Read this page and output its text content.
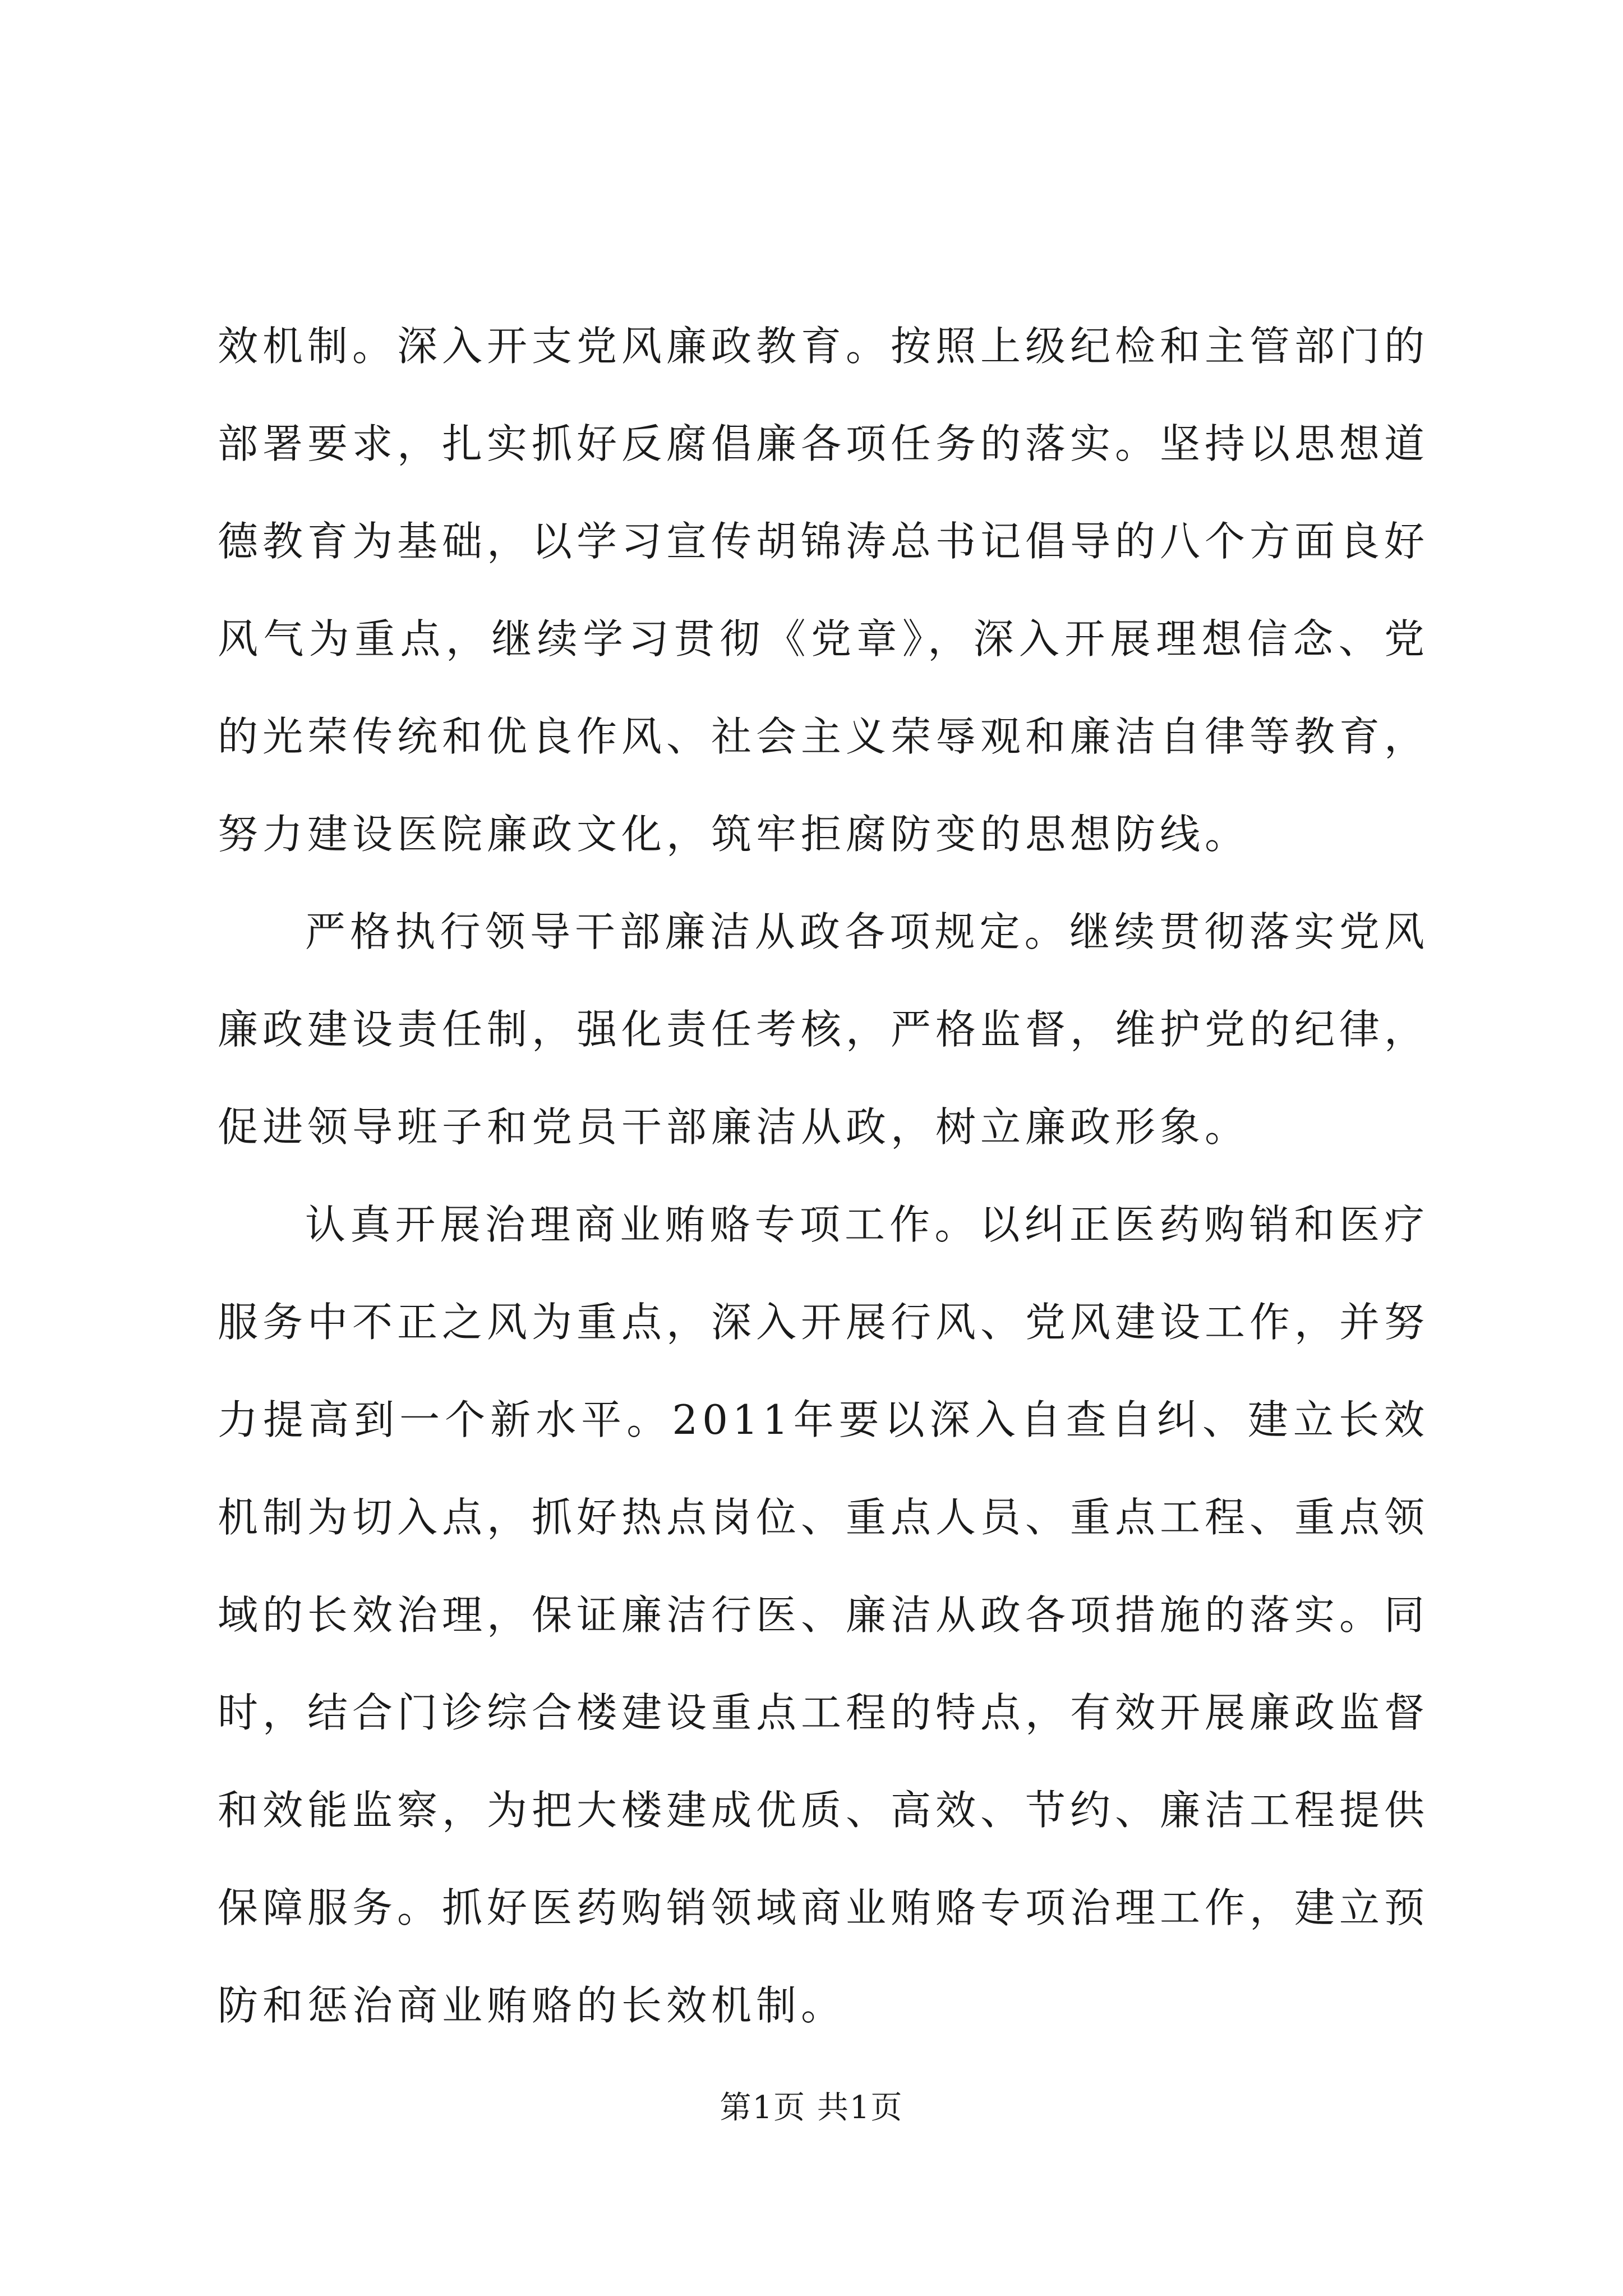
效机制。深入开支党风廉政教育。按照上级纪检和主管部门的部署要求，扎实抓好反腐倡廉各项任务的落实。坚持以思想道德教育为基础，以学习宣传胡锦涛总书记倡导的八个方面良好风气为重点，继续学习贯彻《党章》，深入开展理想信念、党的光荣传统和优良作风、社会主义荣辱观和廉洁自律等教育，努力建设医院廉政文化，筑牢拒腐防变的思想防线。

严格执行领导干部廉洁从政各项规定。继续贯彻落实党风廉政建设责任制，强化责任考核，严格监督，维护党的纪律，促进领导班子和党员干部廉洁从政，树立廉政形象。

认真开展治理商业贿赂专项工作。以纠正医药购销和医疗服务中不正之风为重点，深入开展行风、党风建设工作，并努力提高到一个新水平。2011年要以深入自查自纠、建立长效机制为切入点，抓好热点岗位、重点人员、重点工程、重点领域的长效治理，保证廉洁行医、廉洁从政各项措施的落实。同时，结合门诊综合楼建设重点工程的特点，有效开展廉政监督和效能监察，为把大楼建成优质、高效、节约、廉洁工程提供保障服务。抓好医药购销领域商业贿赂专项治理工作，建立预防和惩治商业贿赂的长效机制。

第1页 共1页
